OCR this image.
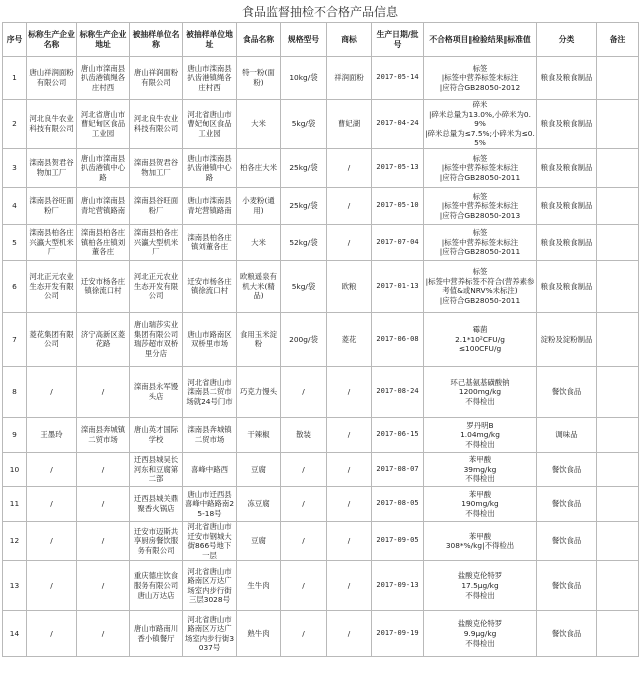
食品监督抽检不合格产品信息
序号	标称生产企业名称	标称生产企业地址	被抽样单位名称	被抽样单位地址	食品名称	规格型号	商标	生产日期/批号	不合格项目‖检验结果‖标准值	分类	备注
1	唐山祥润面粉有限公司	唐山市滦南县扒齿港镇绳各庄村西	唐山祥润面粉有限公司	唐山市滦南县扒齿港镇绳各庄村西	特一粉(面粉)	10kg/袋	祥润面粉	2017-05-14	标签
|标签中营养标签未标注
|应符合GB28050-2012	粮食及粮食制品	
2	河北良牛农业科技有限公司	河北省唐山市曹妃甸区食品工业园	河北良牛农业科技有限公司	河北省唐山市曹妃甸区食品工业园	大米	5kg/袋	曹妃湖	2017-04-24	碎米
|碎米总量为13.0%,小碎米为0.9%
|碎米总量为≤7.5%;小碎米为≤0.5%	粮食及粮食制品	
3	滦南县贺君谷物加工厂	唐山市滦南县扒齿港镇中心路	滦南县贺君谷物加工厂	唐山市滦南县扒齿港镇中心路	柏各庄大米	25kg/袋	/	2017-05-13	标签
|标签中营养标签未标注
|应符合GB28050-2011	粮食及粮食制品	
4	滦南县谷旺面粉厂	唐山市滦南县青坨营镇路南	滦南县谷旺面粉厂	唐山市滦南县青坨营镇路南	小麦粉(通用)	25kg/袋	/	2017-05-10	标签
|标签中营养标签未标注
|应符合GB28050-2013	粮食及粮食制品	
5	滦南县柏各庄兴瀛大型机米厂	滦南县柏各庄镇柏各庄镇刘董各庄	滦南县柏各庄兴瀛大型机米厂	滦南县柏各庄镇刘董各庄	大米	52kg/袋	/	2017-07-04	标签
|标签中营养标签未标注
|应符合GB28050-2011	粮食及粮食制品	
6	河北正元农业生态开发有限公司	迁安市杨各庄镇徐流口村	河北正元农业生态开发有限公司	迁安市杨各庄镇徐流口村	欧粮遥泉有机大米(精品)	5kg/袋	欧粮	2017-01-13	标签
|标签中营养标签不符合(营养素参考值&或NRV%未标注)
|应符合GB28050-2011	粮食及粮食制品	
7	菱花集团有限公司	济宁高新区菱花路	唐山瑞莎实业集团有限公司瑞莎超市双桥里分店	唐山市路南区双桥里市场	食用玉米淀粉	200g/袋	菱花	2017-06-08	霉菌
2.1*10²CFU/g
≤100CFU/g	淀粉及淀粉制品	
8	/	/	滦南县永军馒头店	河北省唐山市滦南县二贸市场就24号门市	巧克力馒头	/	/	2017-08-24	环己基氨基磺酸钠
1200mg/kg
不得检出	餐饮食品	
9	王墨玲	滦南县奔城镇二贸市场	唐山英才国际学校	滦南县奔城镇二贸市场	干辣椒	散装	/	2017-06-15	罗丹明B
1.04mg/kg
不得检出	调味品	
10	/	/	迁西县城吴长河东和豆腐第二部	喜峰中路西	豆腐	/	/	2017-08-07	苯甲酸
39mg/kg
不得检出	餐饮食品	
11	/	/	迁西县城关鼎聚香火锅店	唐山市迁西县喜峰中路路南25-18号	冻豆腐	/	/	2017-08-05	苯甲酸
190mg/kg
不得检出	餐饮食品	
12	/	/	迁安市迈斯共享厨房餐饮服务有限公司	河北省唐山市迁安市钢城大街866号地下一层	豆腐	/	/	2017-09-05	苯甲酸
308*%/kg|不得检出	餐饮食品	
13	/	/	重庆德庄饮食服务有限公司唐山万达店	河北省唐山市路南区万达广场室内步行街三层3028号	生牛肉	/	/	2017-09-13	盐酸克伦特罗
17.5μg/kg
不得检出	餐饮食品	
14	/	/	唐山市路南川香小镇餐厅	河北省唐山市路南区万达广场室内步行街3037号	熟牛肉	/	/	2017-09-19	盐酸克伦特罗
9.9μg/kg
不得检出	餐饮食品	
